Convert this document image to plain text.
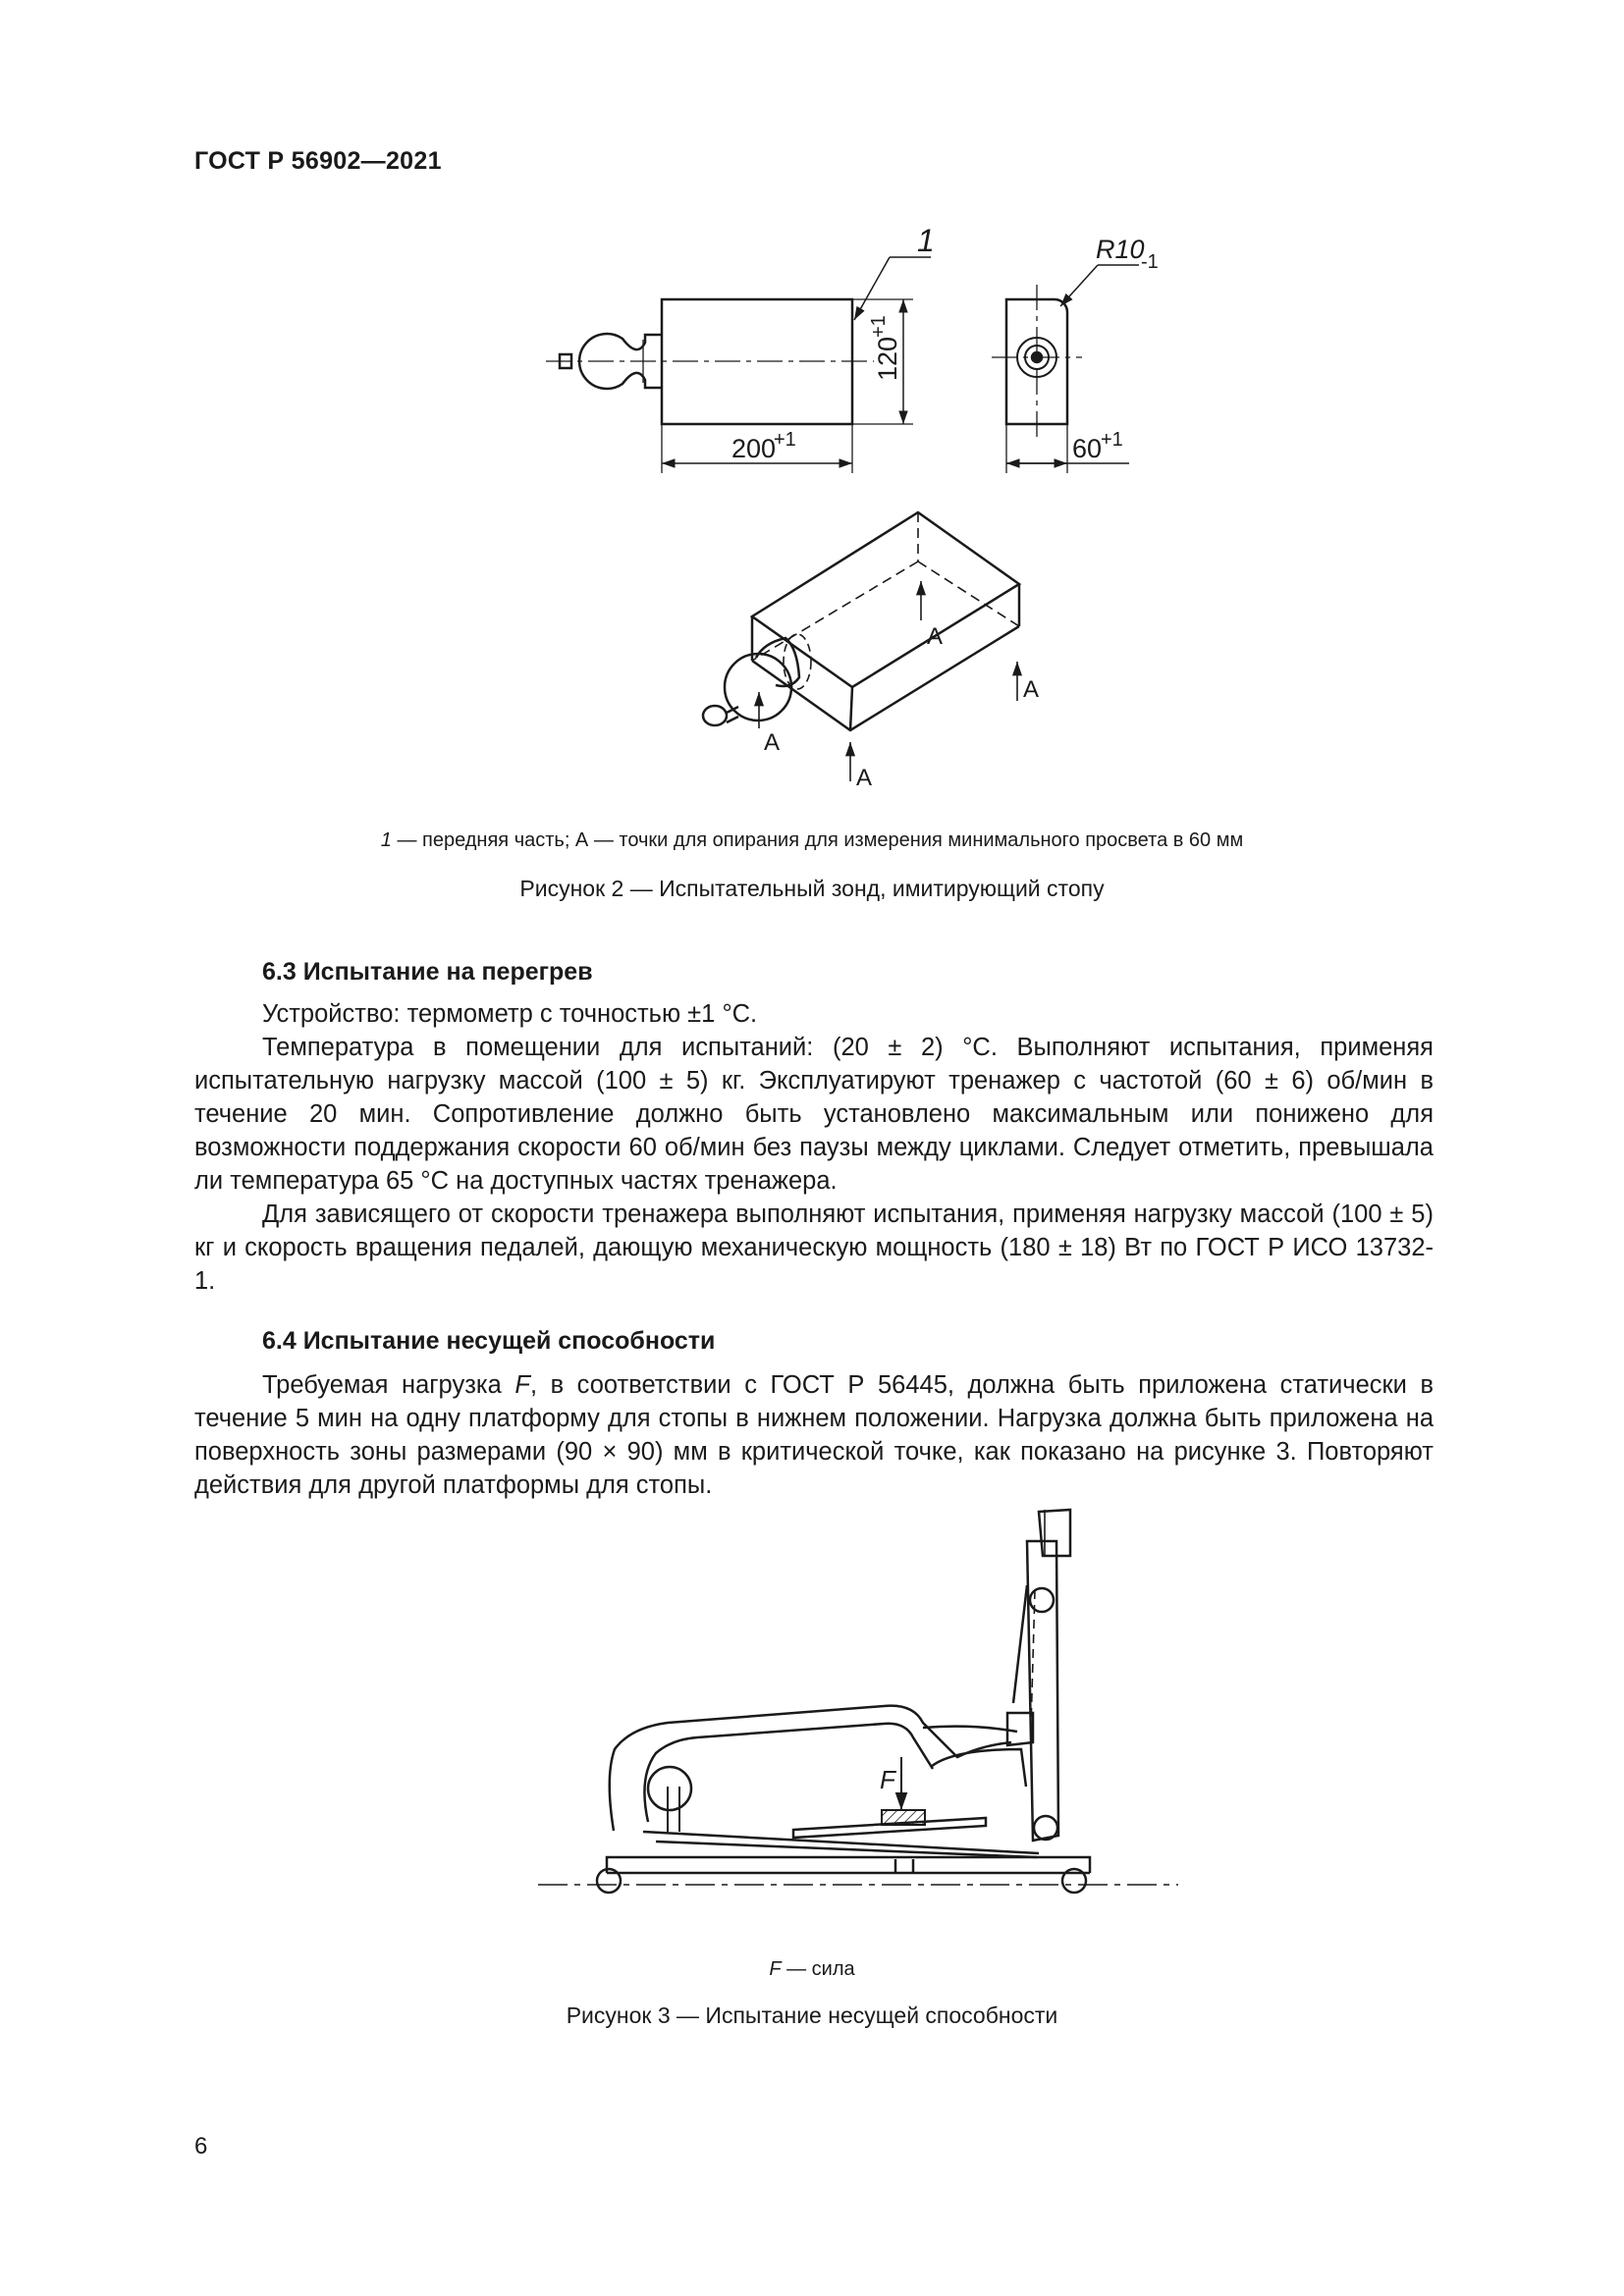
ГОСТ Р 56902—2021
1	R10
-1
200
+1
120
+1
60
+1
А
А
А
А
1 — передняя часть; А — точки для опирания для измерения минимального просвета в 60 мм
Рисунок 2 — Испытательный зонд, имитирующий стопу
6.3 Испытание на перегрев

Устройство: термометр с точностью ±1 °С.

Температура в помещении для испытаний: (20 ± 2) °С. Выполняют испытания, применяя испытательную нагрузку массой (100 ± 5) кг. Эксплуатируют тренажер с частотой (60 ± 6) об/мин в течение 20 мин. Сопротивление должно быть установлено максимальным или понижено для возможности поддержания скорости 60 об/мин без паузы между циклами. Следует отметить, превышала ли температура 65 °С на доступных частях тренажера.

Для зависящего от скорости тренажера выполняют испытания, применяя нагрузку массой (100 ± 5) кг и скорость вращения педалей, дающую механическую мощность (180 ± 18) Вт по ГОСТ Р ИСО 13732-1.

6.4 Испытание несущей способности

Требуемая нагрузка F, в соответствии с ГОСТ Р 56445, должна быть приложена статически в течение 5 мин на одну платформу для стопы в нижнем положении. Нагрузка должна быть приложена на поверхность зоны размерами (90 × 90) мм в критической точке, как показано на рисунке 3. Повторяют действия для другой платформы для стопы.

F
F — сила
Рисунок 3 — Испытание несущей способности
6
